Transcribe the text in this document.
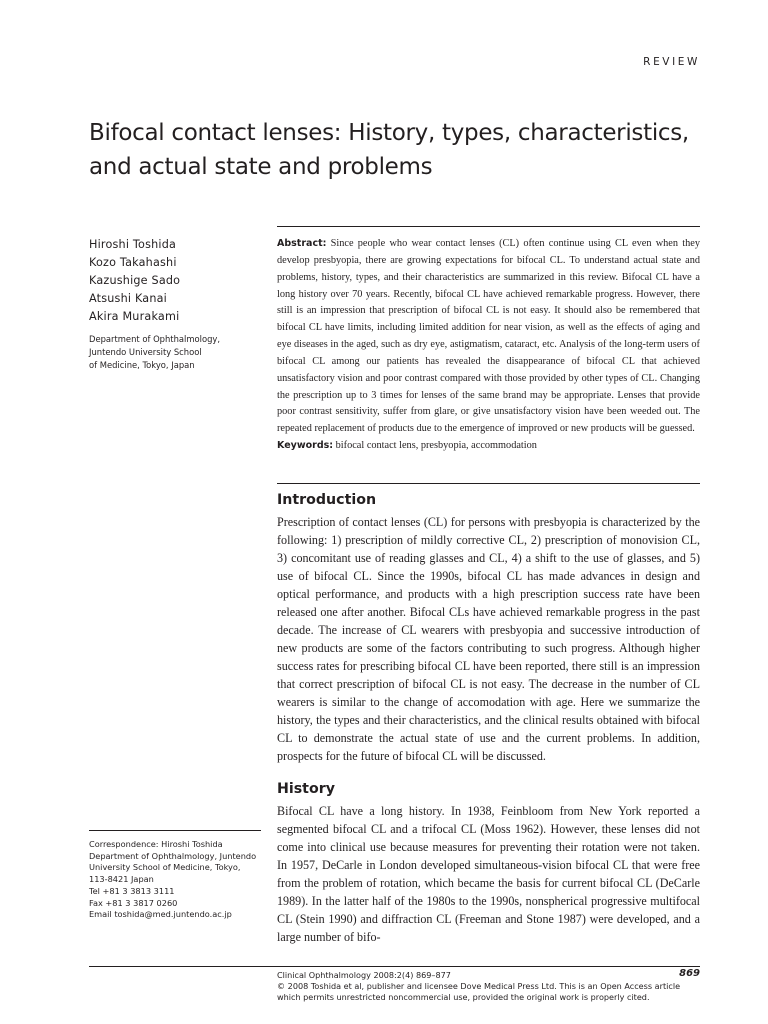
REVIEW
Bifocal contact lenses: History, types, characteristics, and actual state and problems
Hiroshi Toshida
Kozo Takahashi
Kazushige Sado
Atsushi Kanai
Akira Murakami
Department of Ophthalmology,
Juntendo University School
of Medicine, Tokyo, Japan
Abstract: Since people who wear contact lenses (CL) often continue using CL even when they develop presbyopia, there are growing expectations for bifocal CL. To understand actual state and problems, history, types, and their characteristics are summarized in this review. Bifocal CL have a long history over 70 years. Recently, bifocal CL have achieved remarkable progress. However, there still is an impression that prescription of bifocal CL is not easy. It should also be remembered that bifocal CL have limits, including limited addition for near vision, as well as the effects of aging and eye diseases in the aged, such as dry eye, astigmatism, cataract, etc. Analysis of the long-term users of bifocal CL among our patients has revealed the disappearance of bifocal CL that achieved unsatisfactory vision and poor contrast compared with those provided by other types of CL. Changing the prescription up to 3 times for lenses of the same brand may be appropriate. Lenses that provide poor contrast sensitivity, suffer from glare, or give unsatisfactory vision have been weeded out. The repeated replacement of products due to the emergence of improved or new products will be guessed.
Keywords: bifocal contact lens, presbyopia, accommodation
Introduction
Prescription of contact lenses (CL) for persons with presbyopia is characterized by the following: 1) prescription of mildly corrective CL, 2) prescription of monovision CL, 3) concomitant use of reading glasses and CL, 4) a shift to the use of glasses, and 5) use of bifocal CL. Since the 1990s, bifocal CL has made advances in design and optical performance, and products with a high prescription success rate have been released one after another. Bifocal CLs have achieved remarkable progress in the past decade. The increase of CL wearers with presbyopia and successive introduction of new products are some of the factors contributing to such progress. Although higher success rates for prescribing bifocal CL have been reported, there still is an impression that correct prescription of bifocal CL is not easy. The decrease in the number of CL wearers is similar to the change of accomodation with age. Here we summarize the history, the types and their characteristics, and the clinical results obtained with bifocal CL to demonstrate the actual state of use and the current problems. In addition, prospects for the future of bifocal CL will be discussed.
History
Bifocal CL have a long history. In 1938, Feinbloom from New York reported a segmented bifocal CL and a trifocal CL (Moss 1962). However, these lenses did not come into clinical use because measures for preventing their rotation were not taken. In 1957, DeCarle in London developed simultaneous-vision bifocal CL that were free from the problem of rotation, which became the basis for current bifocal CL (DeCarle 1989). In the latter half of the 1980s to the 1990s, nonspherical progressive multifocal CL (Stein 1990) and diffraction CL (Freeman and Stone 1987) were developed, and a large number of bifo-
Correspondence: Hiroshi Toshida
Department of Ophthalmology, Juntendo
University School of Medicine, Tokyo,
113-8421 Japan
Tel +81 3 3813 3111
Fax +81 3 3817 0260
Email toshida@med.juntendo.ac.jp
Clinical Ophthalmology 2008:2(4) 869–877
© 2008 Toshida et al, publisher and licensee Dove Medical Press Ltd. This is an Open Access article which permits unrestricted noncommercial use, provided the original work is properly cited.
869
